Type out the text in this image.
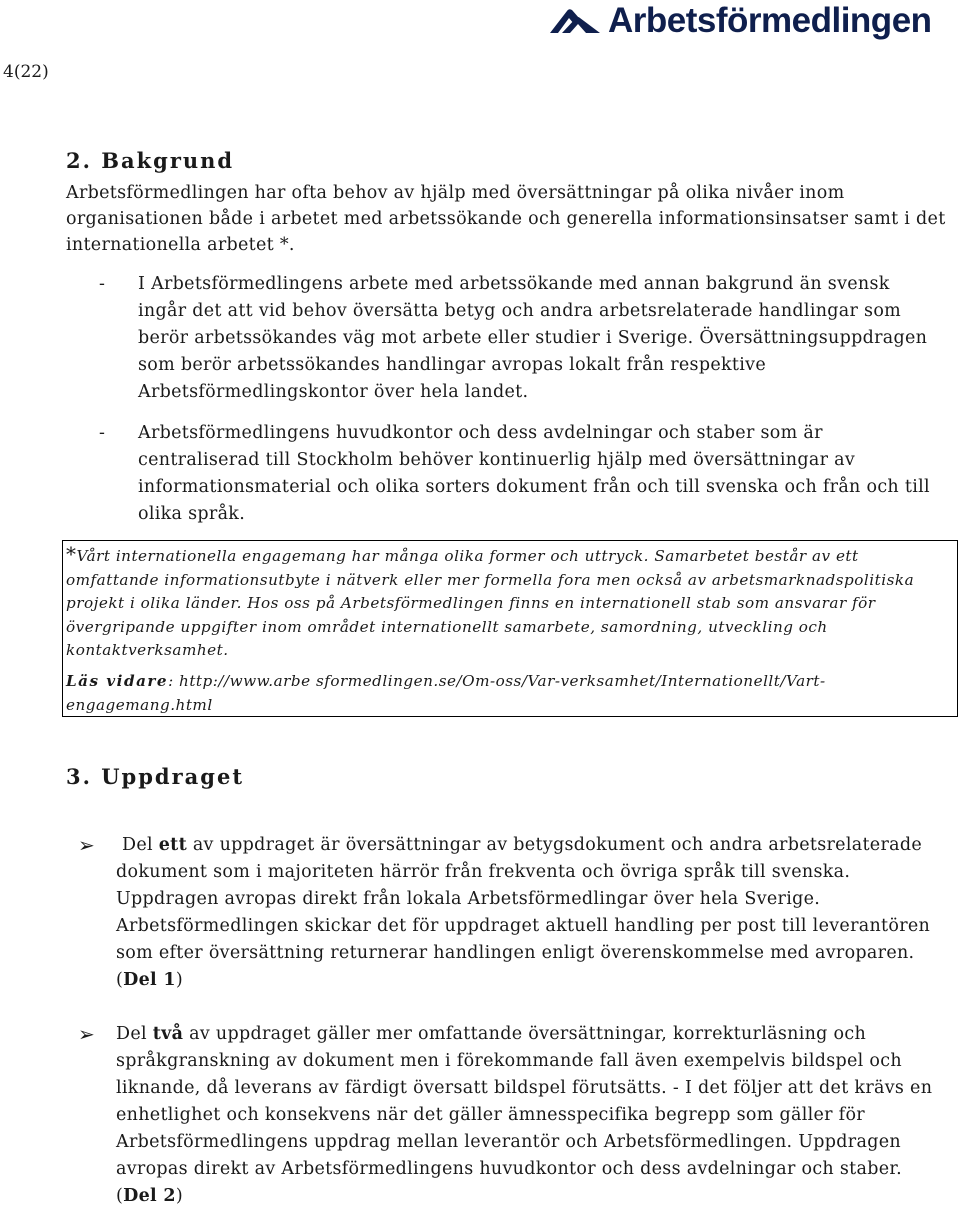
4(22)
Arbetsförmedlingen
2. Bakgrund

Arbetsförmedlingen har ofta behov av hjälp med översättningar på olika nivåer inom organisationen både i arbetet med arbetssökande och generella informationsinsatser samt i det internationella arbetet *.

- I Arbetsförmedlingens arbete med arbetssökande med annan bakgrund än svensk ingår det att vid behov översätta betyg och andra arbetsrelaterade handlingar som berör arbetssökandes väg mot arbete eller studier i Sverige. Översättningsuppdragen som berör arbetssökandes handlingar avropas lokalt från respektive Arbetsförmedlingskontor över hela landet.
- Arbetsförmedlingens huvudkontor och dess avdelningar och staber som är centraliserad till Stockholm behöver kontinuerlig hjälp med översättningar av informationsmaterial och olika sorters dokument från och till svenska och från och till olika språk.

*Vårt internationella engagemang har många olika former och uttryck. Samarbetet består av ett omfattande informationsutbyte i nätverk eller mer formella fora men också av arbetsmarknadspolitiska projekt i olika länder. Hos oss på Arbetsförmedlingen finns en internationell stab som ansvarar för övergripande uppgifter inom området internationellt samarbete, samordning, utveckling och kontaktverksamhet.

Läs vidare: http://www.arbe sformedlingen.se/Om-oss/Var-verksamhet/Internationellt/Vart-engagemang.html

3. Uppdraget
➢	Del ett av uppdraget är översättningar av betygsdokument och andra arbetsrelaterade dokument som i majoriteten härrör från frekventa och övriga språk till svenska. Uppdragen avropas direkt från lokala Arbetsförmedlingar över hela Sverige. Arbetsförmedlingen skickar det för uppdraget aktuell handling per post till leverantören som efter översättning returnerar handlingen enligt överenskommelse med avroparen.(Del 1)
➢ Del två av uppdraget gäller mer omfattande översättningar, korrekturläsning och språkgranskning av dokument men i förekommande fall även exempelvis bildspel och liknande, då leverans av färdigt översatt bildspel förutsätts. - I det följer att det krävs en enhetlighet och konsekvens när det gäller ämnesspecifika begrepp som gäller för Arbetsförmedlingens uppdrag mellan leverantör och Arbetsförmedlingen. Uppdragen avropas direkt av Arbetsförmedlingens huvudkontor och dess avdelningar och staber.(Del 2)
